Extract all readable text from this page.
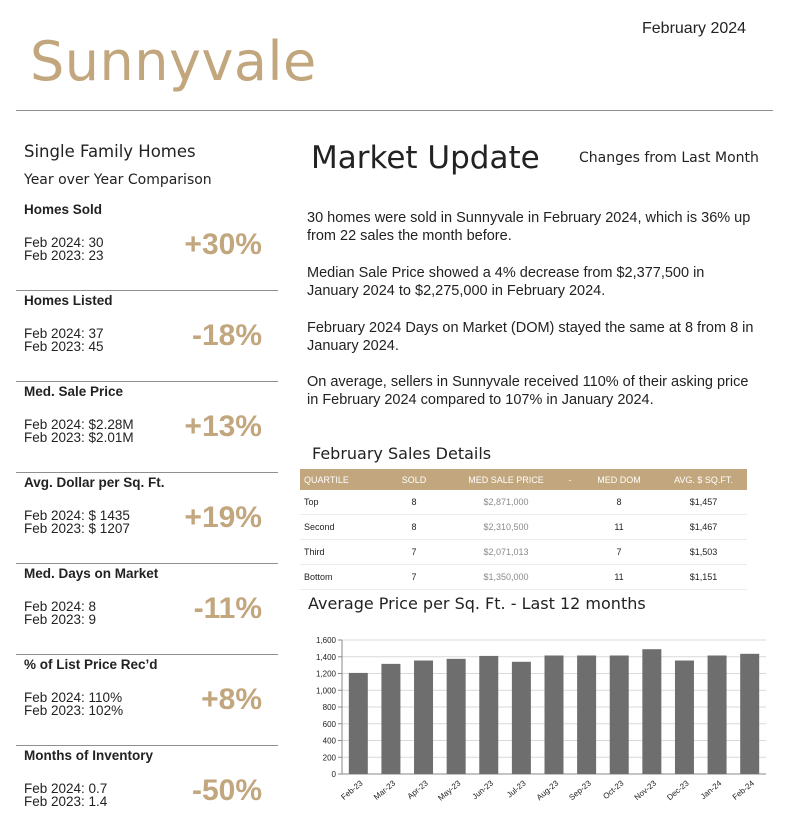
Sunnyvale
February 2024
Single Family Homes
Year over Year Comparison
Homes Sold
Feb 2024: 30
Feb 2023: 23	+30%
Homes Listed
Feb 2024: 37
Feb 2023: 45	-18%
Med. Sale Price
Feb 2024: $2.28M
Feb 2023: $2.01M +13%
Avg. Dollar per Sq. Ft.
Feb 2024: $ 1435
Feb 2023: $ 1207 +19%
Med. Days on Market
Feb 2024: 8
Feb 2023: 9	-11%
% of List Price Rec’d
Feb 2024: 110%
Feb 2023: 102%	+8%
Months of Inventory
Feb 2024: 0.7
Feb 2023: 1.4	-50%
Market Update	Changes from Last Month
30 homes were sold in Sunnyvale in February 2024, which is 36% up from 22 sales the month before.
Median Sale Price showed a 4% decrease from $2,377,500 in January 2024 to $2,275,000 in February 2024.
February 2024 Days on Market (DOM) stayed the same at 8 from 8 in January 2024.
On average, sellers in Sunnyvale received 110% of their asking price in February 2024 compared to 107% in January 2024.
February Sales Details
QUARTILE	SOLD	MED SALE PRICE	-	MED DOM	AVG. $ SQ.FT.
Top	8	$2,871,000		8	$1,457
Second	8	$2,310,500		11	$1,467
Third	7	$2,071,013		7	$1,503
Bottom	7	$1,350,000		11	$1,151
Average Price per Sq. Ft. - Last 12 months
0
200
400
600
800
1,000
1,200
1,400
1,600
Feb-23 Mar-23 Apr-23 May-23 Jun-23 Jul-23 Aug-23 Sep-23 Oct-23 Nov-23 Dec-23 Jan-24 Feb-24
